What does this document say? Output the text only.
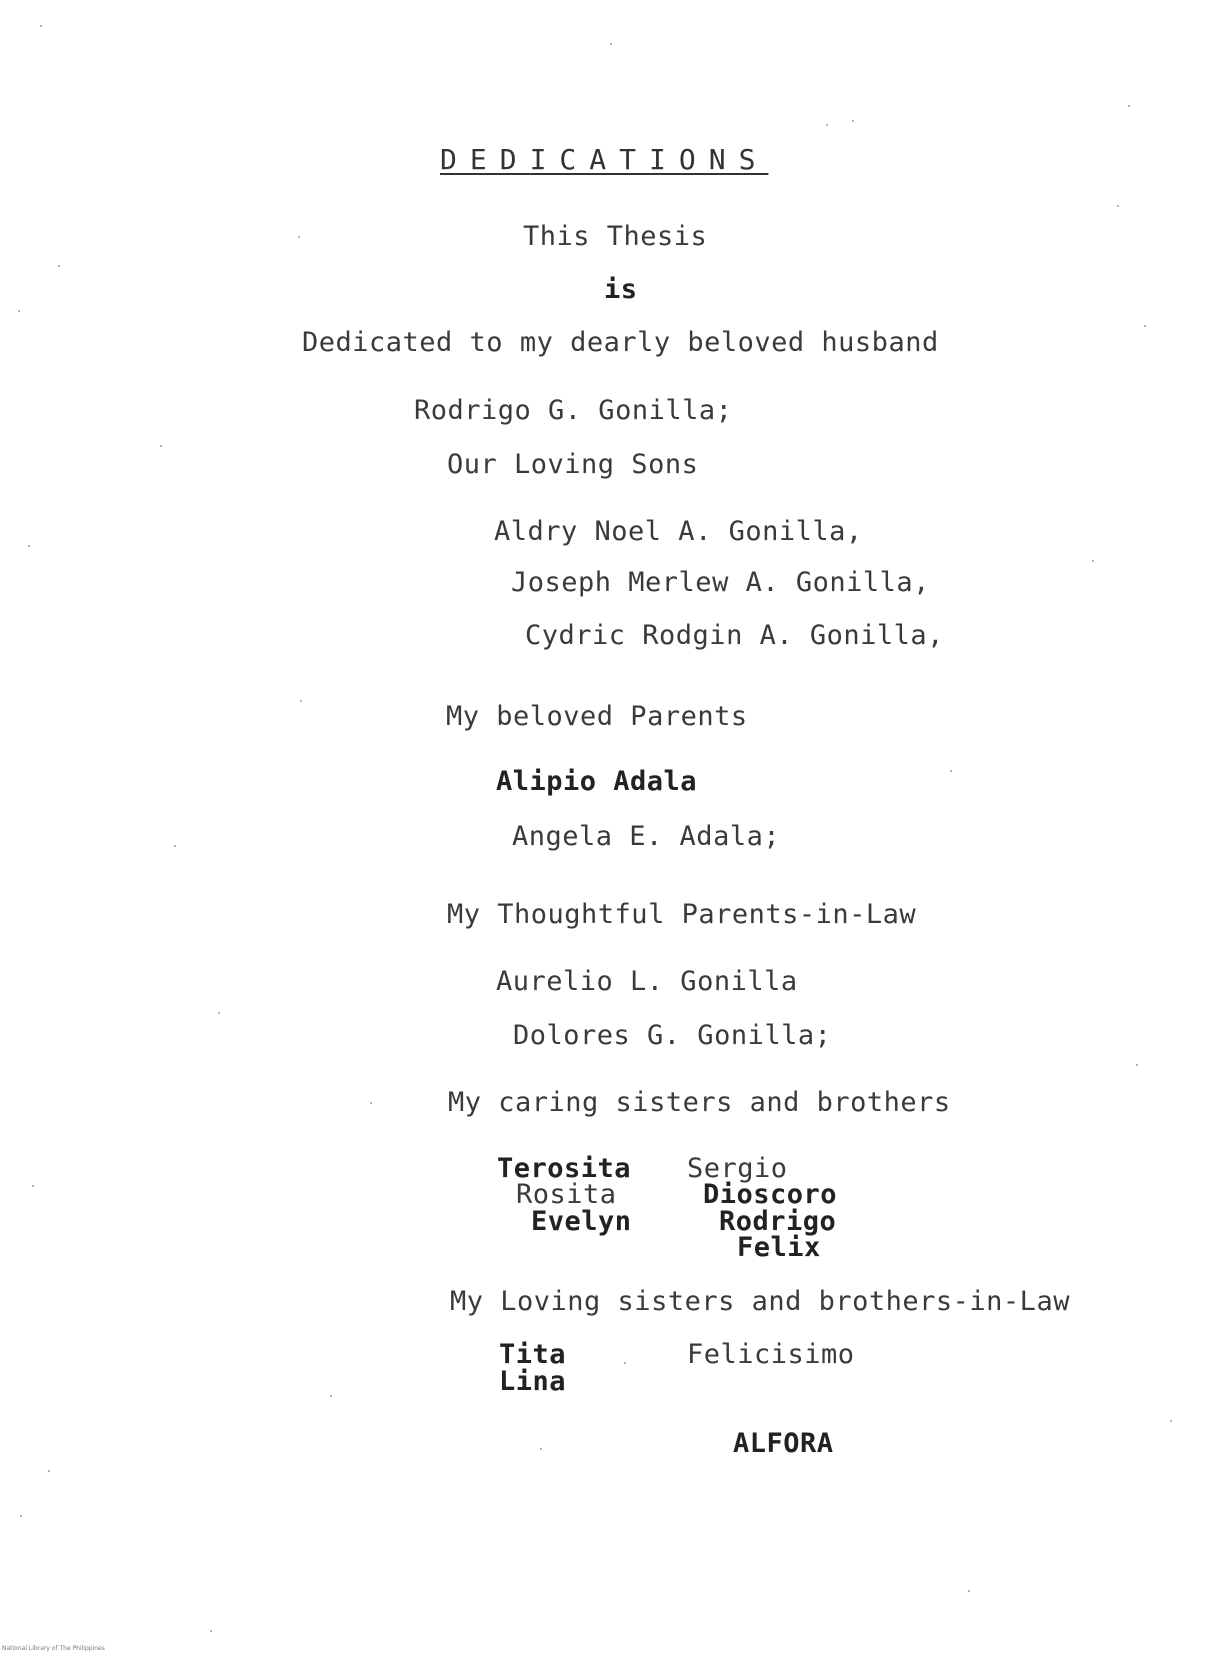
DEDICATIONS
This Thesis
is
Dedicated to my dearly beloved husband
Rodrigo G. Gonilla;
Our Loving Sons
Aldry Noel A. Gonilla,
Joseph Merlew A. Gonilla,
Cydric Rodgin A. Gonilla,
My beloved Parents
Alipio Adala
Angela E. Adala;
My Thoughtful Parents-in-Law
Aurelio L. Gonilla
Dolores G. Gonilla;
My caring sisters and brothers
Terosita
Rosita
Evelyn
Sergio
Dioscoro
Rodrigo
Felix
My Loving sisters and brothers-in-Law
Tita
Lina
Felicisimo
ALFORA
National Library of The Philippines
